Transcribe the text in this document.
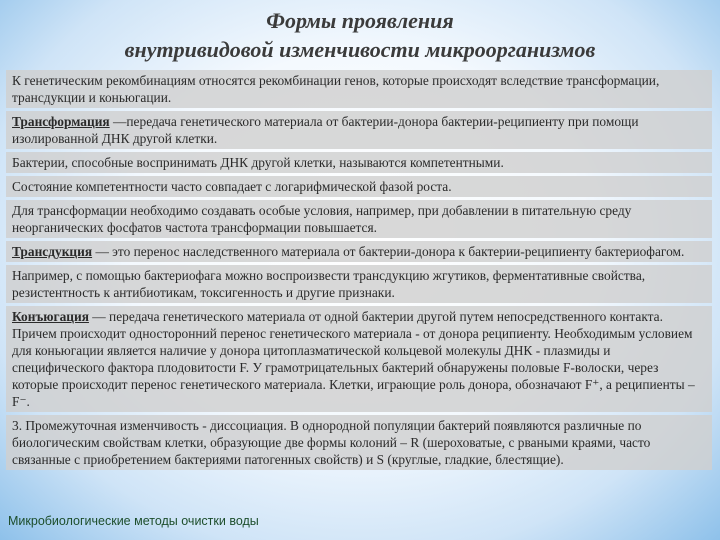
Формы проявления
внутривидовой изменчивости микроорганизмов
К генетическим рекомбинациям относятся рекомбинации генов, которые происходят вследствие трансформации, трансдукции и коньюгации.
Трансформация —передача генетического материала от бактерии-донора бактерии-реципиенту при помощи изолированной ДНК другой клетки.
Бактерии, способные воспринимать ДНК другой клетки, называются компетентными.
Состояние компетентности часто совпадает с логарифмической фазой роста.
Для трансформации необходимо создавать особые условия, например, при добавлении в питательную среду неорганических фосфатов частота трансформации повышается.
Трансдукция — это перенос наследственного материала от бактерии-донора к бактерии-реципиенту бактериофагом.
Например, с помощью бактериофага можно воспроизвести трансдукцию жгутиков, ферментативные свойства, резистентность к антибиотикам, токсигенность и другие признаки.
Конъюгация — передача генетического материала от одной бактерии другой путем непосредственного контакта. Причем происходит односторонний перенос генетического материала - от донора реципиенту. Необходимым условием для коньюгации является наличие у донора цитоплазматической кольцевой молекулы ДНК - плазмиды и специфического фактора плодовитости F. У грамотрицательных бактерий обнаружены половые F-волоски, через которые происходит перенос генетического материала. Клетки, играющие роль донора, обозначают F⁺, а реципиенты – F⁻.
3. Промежуточная изменчивость - диссоциация. В однородной популяции бактерий появляются различные по биологическим свойствам клетки, образующие две формы колоний – R (шероховатые, с рваными краями, часто связанные с приобретением бактериями патогенных свойств) и S (круглые, гладкие, блестящие).
Микробиологические методы очистки воды
